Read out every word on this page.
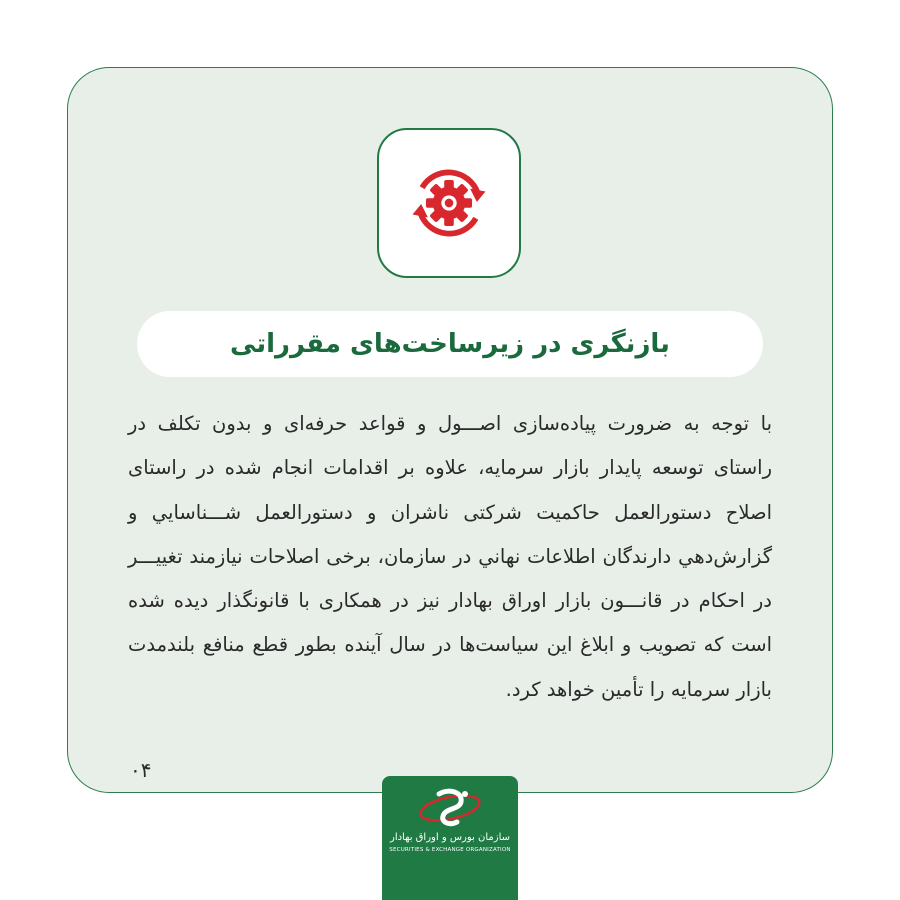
بازنگری در زیرساخت‌های مقرراتی

با توجه به ضرورت پیاده‌سازی اصـــول و قواعد حرفه‌ای و بدون تکلف در راستای توسعه پایدار بازار سرمایه، علاوه بر اقدامات انجام شده در راستای اصلاح دستورالعمل حاکمیت شرکتی ناشران و دستورالعمل شـــناسایي و گزارش‌دهي دارندگان اطلاعات نهاني در سازمان، برخی اصلاحات نیازمند تغییـــر در احکام در قانـــون بازار اوراق بهادار نیز در همکاری با قانونگذار دیده شده است که تصویب و ابلاغ این سیاست‌ها در سال آینده بطور قطع منافع بلندمدت بازار سرمایه را تأمین خواهد کرد.

۰۴
سازمان بورس و اوراق بهادار
SECURITIES & EXCHANGE ORGANIZATION
